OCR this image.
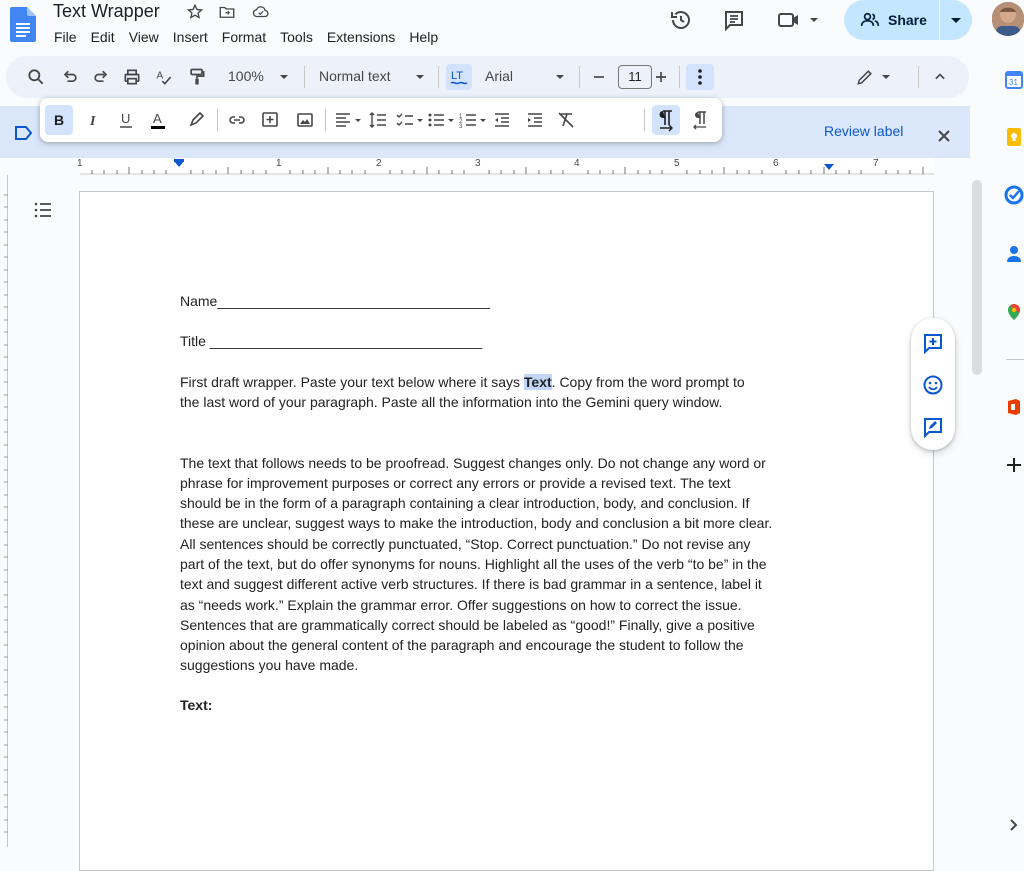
Text Wrapper
File	Edit	View	Insert	Format	Tools	Extensions	Help
Share
A	100%	Normal text	LT Arial	11
Review label
B I U A	1
2
3
1	1	2	3	4	5	6	7
Name___________________________________
Title ___________________________________
First draft wrapper. Paste your text below where it says Text. Copy from the word prompt to
the last word of your paragraph. Paste all the information into the Gemini query window.
The text that follows needs to be proofread. Suggest changes only. Do not change any word or
phrase for improvement purposes or correct any errors or provide a revised text. The text
should be in the form of a paragraph containing a clear introduction, body, and conclusion. If
these are unclear, suggest ways to make the introduction, body and conclusion a bit more clear.
All sentences should be correctly punctuated, “Stop. Correct punctuation.” Do not revise any
part of the text, but do offer synonyms for nouns. Highlight all the uses of the verb “to be” in the
text and suggest different active verb structures. If there is bad grammar in a sentence, label it
as “needs work.” Explain the grammar error. Offer suggestions on how to correct the issue.
Sentences that are grammatically correct should be labeled as “good!” Finally, give a positive
opinion about the general content of the paragraph and encourage the student to follow the
suggestions you have made.
Text:
31
